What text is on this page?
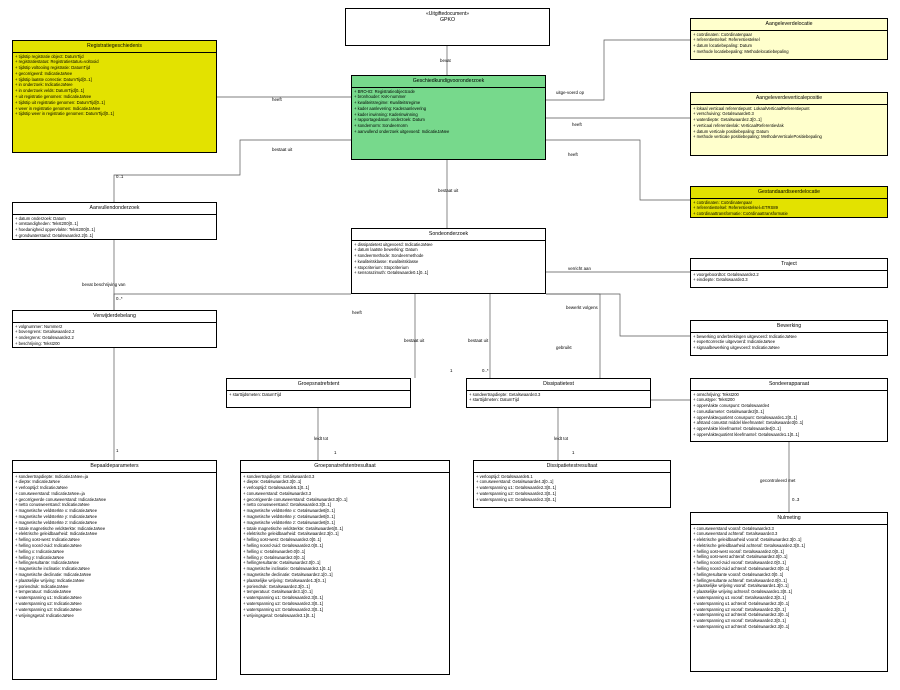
«Uitgiftedocument»
GPKO
Registratiegeschiedenis
+ tijdstip registratie object: DatumTijd
+ registratiestatus: Registratiestatus=voltooid
+ tijdstip voltooiing registratie: DatumTijd
+ gecorrigeerd: IndicatieJaNee
+ tijdstip laatste correctie: DatumTijd[0..1]
+ in onderzoek: IndicatieJaNee
+ in onderzoek velds: DatumTijd[0..1]
+ uit registratie genomen: IndicatieJaNee
+ tijdstip uit registratie genomen: DatumTijd[0..1]
+ weer in registratie genomen: IndicatieJaNee
+ tijdstip weer in registratie genomen: DatumTijd[0..1]
Geschiedkundigvooronderzoek
+ BRO-ID: Registratieobjectcode
+ bronhouder: KvK-nummer
+ kwaliteitsregime: Kwaliteitsregime
+ kader aanlevering: Kaderaanlevering
+ kader inwinning: Kaderinwinning
+ rapportagedatum onderzoek: Datum
+ sondernorm: Sondeernorm
+ aanvullend onderzoek uitgevoerd: IndicatieJaNee
Aangeleverdelocatie
+ coördinaten: Coördinatenpaar
+ referentiestelsel: Referentiestelsel
+ datum locatiebepaling: Datum
+ methode locatiebepaling: Methodelocatiebepaling
Aangeleverdeverticalepositie
+ lokaal verticaal referentiepunt: LokaalVerticaalReferentiepunt
+ verschuiving: Getalswaarde0.3
+ waterdiepte: Getalswaarde2.3[0..1]
+ verticaal referentievlak: VerticaalReferentievlak
+ datum verticale positiebepaling: Datum
+ methode verticale positiebepaling: MethodeVerticalePositiebepaling
Gestandaardiseerdelocatie
+ coördinaten: Coördinatenpaar
+ referentiestelsel: Referentiestelsel=ETRS89
+ coördinaattransformatie: Coördinaattransformatie
Aanvullendonderzoek
+ datum onderzoek: Datum
+ omstandigheden: Tekst200[0..1]
+ hoedanigheid oppervlakte: Tekst200[0..1]
+ grondwaterstand: Getalswaarde2.2[0..1]	Sondeonderzoek
+ dissipatietest uitgevoerd: IndicatieJaNee
+ datum laatste bewerking: Datum
+ sondeermethode: Sondeermethode
+ kwaliteitsklasse: Kwaliteitsklasse
+ stopcriterium: Stopcriterium
+ sensorazimuth: Getalswaarde0.1[0..1]
Traject
+ voorgeboordtot: Getalswaarde2.2
+ eindiepte: Getalswaarde3.3
Bewerking
+ bewerking onderbrekingen uitgevoerd: IndicatieJaNee
+ expertcorrectie uitgevoerd: IndicatieJaNee
+ signaalbewerking uitgevoerd: IndicatieJaNee
Verwijderdebelang
+ volgnummer: Nummer2
+ bovengrens: Getalswaarde2.2
+ ondergrens: Getalswaarde2.2
+ beschrijving: Tekst200
Groepsnatrefstent
+ starttijdsmeten: DatumTijd
Dissipatietest
+ sondeertrapdiepte: Getalswaarde3.3
+ starttijdmeten: DatumTijd
Sondeerapparaat
+ omschrijving: Tekst200
+ conustype: Tekst200
+ oppervlakte conuspunt: Getalswaarde4
+ conusdiameter: Getalswaarde2[0..1]
+ oppervlaktequotiënt conuspunt: Getalswaarde1.2[0..1]
+ afstand conustot middel kleefmantel: Getalswaarde3[0..1]
+ oppervlakte kleefmantel: Getalswaarde4[0..1]
+ oppervlaktequotiënt kleefmantel: Getalswaarde1.1[0..1]
Bepaaldeparameters
+ sondeertrapdiepte: IndicatieJaNee=ja
+ diepte: IndicatieJaNee
+ verlooptijd: IndicatieJaNee
+ conusweerstand: IndicatieJaNee=ja
+ gecorrigeerde conusweerstand: IndicatieJaNee
+ netto conusweerstand: IndicatieJaNee
+ magnetische veldsterkte x: IndicatieJaNee
+ magnetische veldsterkte y: IndicatieJaNee
+ magnetische veldsterkte z: IndicatieJaNee
+ totale magnetische veldsterkte: IndicatieJaNee
+ elektrische geleidbaarheid: IndicatieJaNee
+ helling oost-west: IndicatieJaNee
+ helling noord-zuid: IndicatieJaNee
+ helling x: IndicatieJaNee
+ helling y: IndicatieJaNee
+ hellingresultante: IndicatieJaNee
+ magnetische inclinatie: IndicatieJaNee
+ magnetische declinatie: IndicatieJaNee
+ plaatselijke wrijving: IndicatieJaNee
+ poriendruk: IndicatieJaNee
+ temperatuur: IndicatieJaNee
+ waterspanning u1: IndicatieJaNee
+ waterspanning u2: IndicatieJaNee
+ waterspanning u3: IndicatieJaNee
+ wrijvingsgetal: IndicatieJaNee
Groepsnatrefstentresultaat
+ sondeertrapdiepte: Getalswaarde3.3
+ diepte: Getalswaarde3.3[0..1]
+ verlooptijd: Getalswaarde5.1[0..1]
+ conusweerstand: Getalswaarde3.3
+ gecorrigeerde conusweerstand: Getalswaarde3.3[0..1]
+ netto conusweerstand: Getalswaarde3.3[0..1]
+ magnetische veldsterkte x: Getalswaarde6[0..1]
+ magnetische veldsterkte y: Getalswaarde6[0..1]
+ magnetische veldsterkte z: Getalswaarde6[0..1]
+ totale magnetische veldsterkte: Getalswaarde6[0..1]
+ elektrische geleidbaarheid: Getalswaarde2.3[0..1]
+ helling oost-west: Getalswaarde2.0[0..1]
+ helling noord-zuid: Getalswaarde2.0[0..1]
+ helling x: Getalswaarde0.0[0..1]
+ helling y: Getalswaarde2.0[0..1]
+ hellingresultante: Getalswaarde2.0[0..1]
+ magnetische inclinatie: Getalswaarde2.1[0..1]
+ magnetische declinatie: Getalswaarde2.1[0..1]
+ plaatselijke wrijving: Getalswaarde1.3[0..1]
+ poriendruk: Getalswaarde2.3[0..1]
+ temperatuur: Getalswaarde3.1[0..1]
+ waterspanning u1: Getalswaarde2.3[0..1]
+ waterspanning u2: Getalswaarde2.3[0..1]
+ waterspanning u3: Getalswaarde2.3[0..1]
+ wrijvingsgetal: Getalswaarde3.1[0..1]
Dissipatietestresultaat
+ verlooptijd: Getalswaarde5.1
+ conusweerstand: Getalswaarde4.3[0..1]
+ waterspanning u1: Getalswaarde2.3[0..1]
+ waterspanning u2: Getalswaarde2.3[0..1]
+ waterspanning u3: Getalswaarde2.3[0..1]
Nulmeting
+ conusweerstand vooraf: Getalswaarde3.3
+ conusweerstand achteraf: Getalswaarde3.3
+ elektrische geleidbaarheid vooraf: Getalswaarde2.3[0..1]
+ elektrische geleidbaarheid achteraf: Getalswaarde2.3[0..1]
+ helling oost-west vooraf: Getalswaarde2.0[0..1]
+ helling oost-west achteraf: Getalswaarde2.0[0..1]
+ helling noord-zuid vooraf: Getalswaarde2.0[0..1]
+ helling noord-zuid achteraf: Getalswaarde2.0[0..1]
+ hellingresultante vooraf: Getalswaarde2.0[0..1]
+ hellingresultante achteraf: Getalswaarde2.0[0..1]
+ plaatselijke wrijving vooraf: Getalswaarde1.3[0..1]
+ plaatselijke wrijving achteraf: Getalswaarde1.3[0..1]
+ waterspanning u1 vooraf: Getalswaarde2.3[0..1]
+ waterspanning u1 achteraf: Getalswaarde2.3[0..1]
+ waterspanning u2 vooraf: Getalswaarde2.3[0..1]
+ waterspanning u2 achteraf: Getalswaarde2.3[0..1]
+ waterspanning u3 vooraf: Getalswaarde2.3[0..1]
+ waterspanning u3 achteraf: Getalswaarde2.3[0..1]
bevat
heeft
uitge-voerd op
heeft
heeft
bestaat uit
0..1
bestaat uit
verricht aan
bevat beschrijving van
0..*
bewerkt volgens
gebruikt
heeft
bestaat uit	bestaat uit
1	0..*
leidt tot	leidt tot
1	1	1
gecontroleerd met
0..3
